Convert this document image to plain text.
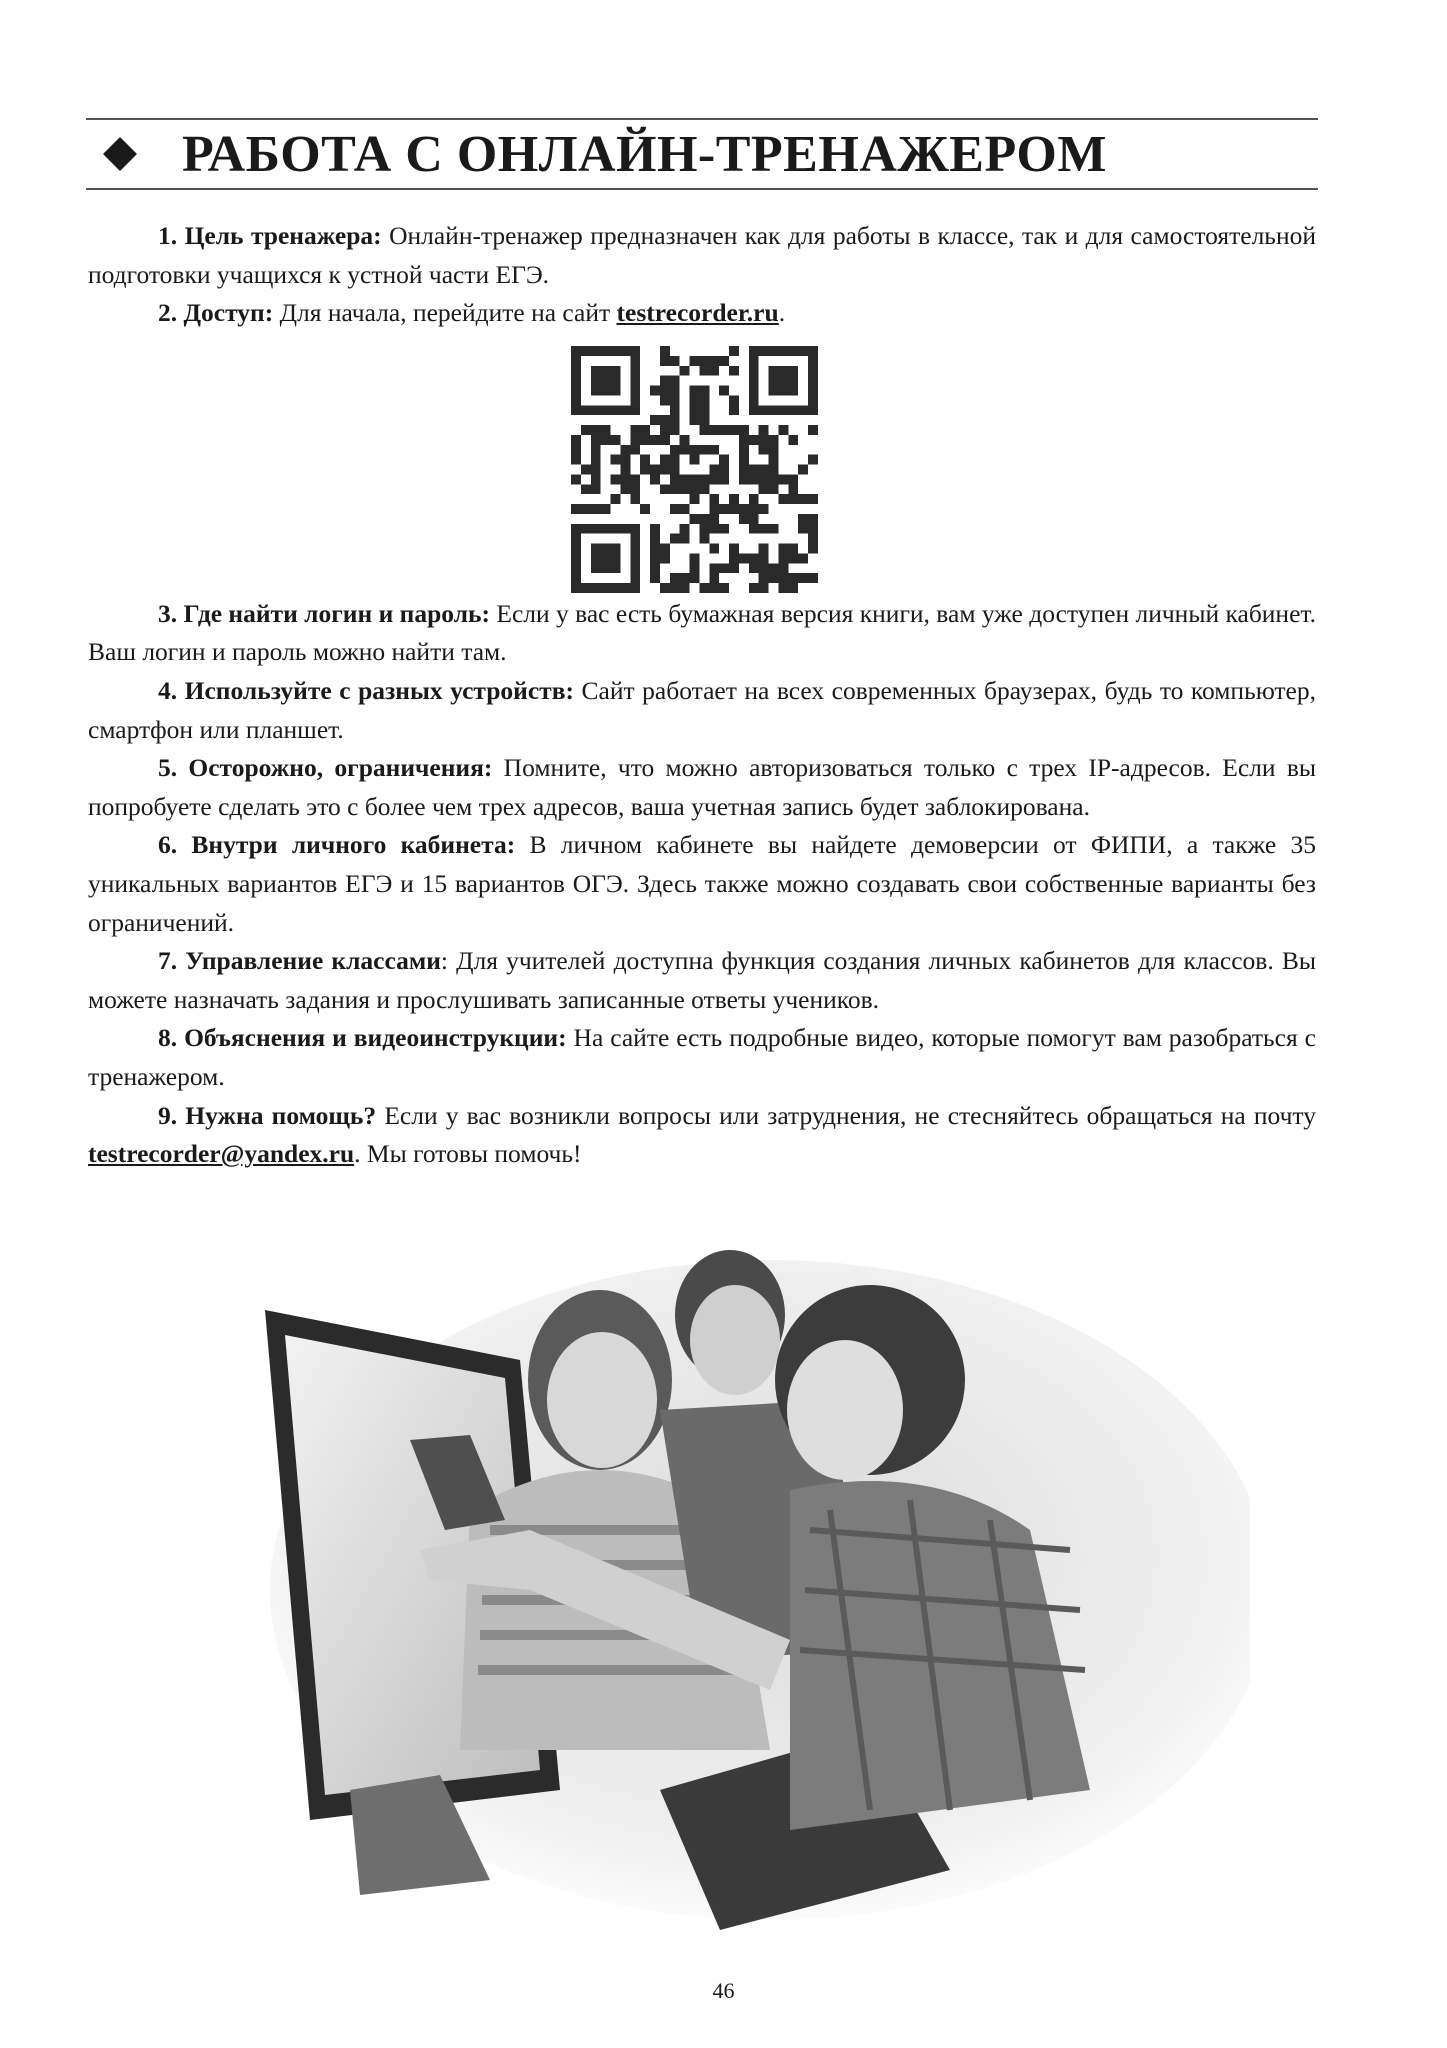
РАБОТА С ОНЛАЙН-ТРЕНАЖЕРОМ

1. Цель тренажера: Онлайн-тренажер предназначен как для работы в классе, так и для самостоятельной подготовки учащихся к устной части ЕГЭ.

2. Доступ: Для начала, перейдите на сайт testrecorder.ru.

3. Где найти логин и пароль: Если у вас есть бумажная версия книги, вам уже доступен личный кабинет. Ваш логин и пароль можно найти там.

4. Используйте с разных устройств: Сайт работает на всех современных браузерах, будь то компьютер, смартфон или планшет.

5. Осторожно, ограничения: Помните, что можно авторизоваться только с трех IP-адресов. Если вы попробуете сделать это с более чем трех адресов, ваша учетная запись будет заблокирована.

6. Внутри личного кабинета: В личном кабинете вы найдете демоверсии от ФИПИ, а также 35 уникальных вариантов ЕГЭ и 15 вариантов ОГЭ. Здесь также можно создавать свои собственные варианты без ограничений.

7. Управление классами: Для учителей доступна функция создания личных кабинетов для классов. Вы можете назначать задания и прослушивать записанные ответы учеников.

8. Объяснения и видеоинструкции: На сайте есть подробные видео, которые помогут вам разобраться с тренажером.

9. Нужна помощь? Если у вас возникли вопросы или затруднения, не стесняйтесь обращаться на почту testrecorder@yandex.ru. Мы готовы помочь!

46
